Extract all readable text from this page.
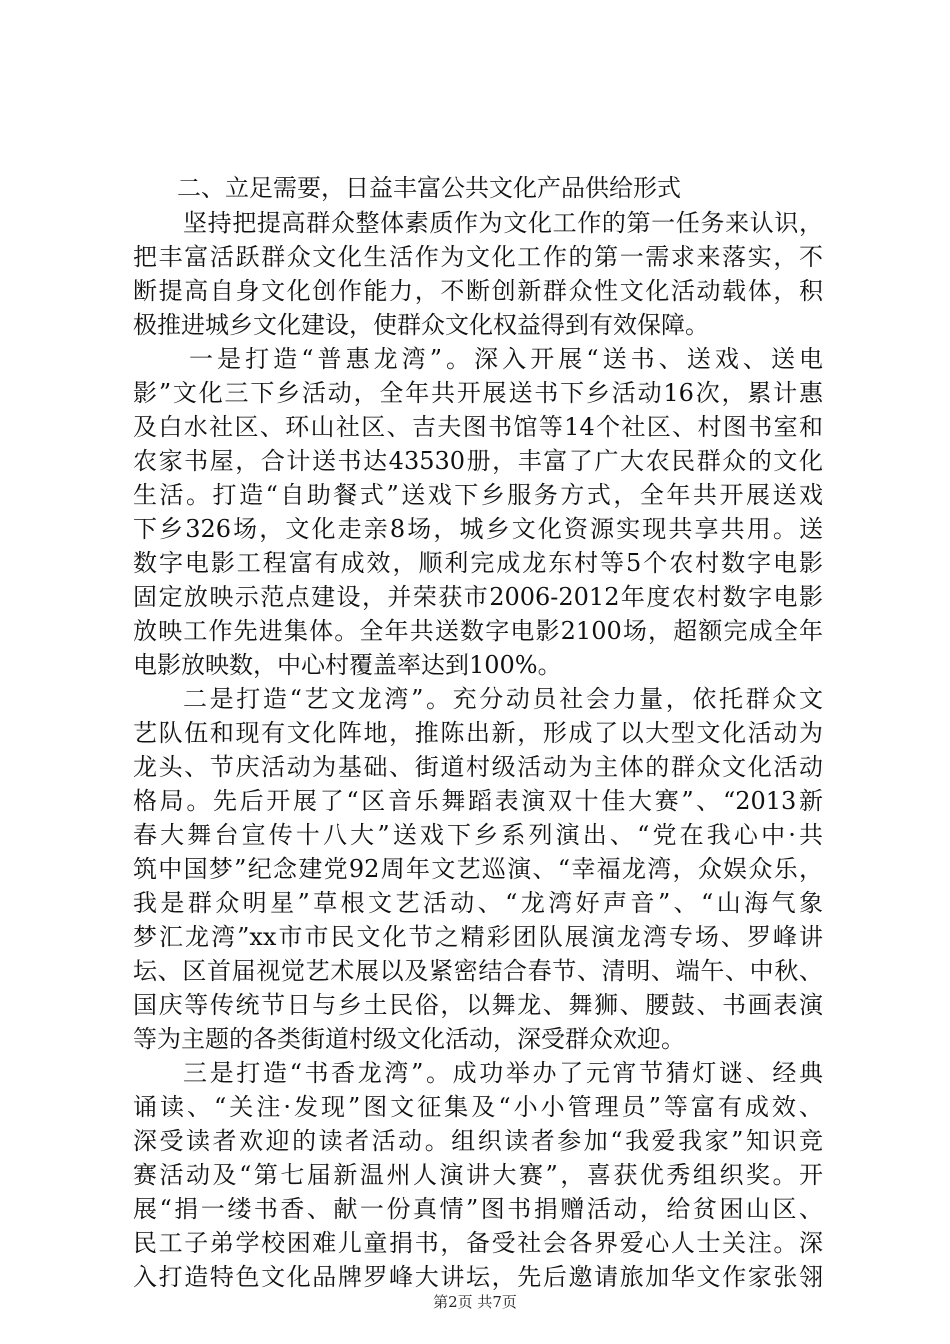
二、立足需要，日益丰富公共文化产品供给形式
坚持把提高群众整体素质作为文化工作的第一任务来认识，
把丰富活跃群众文化生活作为文化工作的第一需求来落实，不
断提高自身文化创作能力，不断创新群众性文化活动载体，积
极推进城乡文化建设，使群众文化权益得到有效保障。
一是打造“普惠龙湾”。深入开展“送书、送戏、送电
影”文化三下乡活动，全年共开展送书下乡活动16次，累计惠
及白水社区、环山社区、吉夫图书馆等14个社区、村图书室和
农家书屋，合计送书达43530册，丰富了广大农民群众的文化
生活。打造“自助餐式”送戏下乡服务方式，全年共开展送戏
下乡326场，文化走亲8场，城乡文化资源实现共享共用。送
数字电影工程富有成效，顺利完成龙东村等5个农村数字电影
固定放映示范点建设，并荣获市2006-2012年度农村数字电影
放映工作先进集体。全年共送数字电影2100场，超额完成全年
电影放映数，中心村覆盖率达到100%。
二是打造“艺文龙湾”。充分动员社会力量，依托群众文
艺队伍和现有文化阵地，推陈出新，形成了以大型文化活动为
龙头、节庆活动为基础、街道村级活动为主体的群众文化活动
格局。先后开展了“区音乐舞蹈表演双十佳大赛”、“2013新
春大舞台宣传十八大”送戏下乡系列演出、“党在我心中·共
筑中国梦”纪念建党92周年文艺巡演、“幸福龙湾，众娱众乐，
我是群众明星”草根文艺活动、“龙湾好声音”、“山海气象
梦汇龙湾”xx市市民文化节之精彩团队展演龙湾专场、罗峰讲
坛、区首届视觉艺术展以及紧密结合春节、清明、端午、中秋、
国庆等传统节日与乡土民俗，以舞龙、舞狮、腰鼓、书画表演
等为主题的各类街道村级文化活动，深受群众欢迎。
三是打造“书香龙湾”。成功举办了元宵节猜灯谜、经典
诵读、“关注·发现”图文征集及“小小管理员”等富有成效、
深受读者欢迎的读者活动。组织读者参加“我爱我家”知识竞
赛活动及“第七届新温州人演讲大赛”，喜获优秀组织奖。开
展“捐一缕书香、献一份真情”图书捐赠活动，给贫困山区、
民工子弟学校困难儿童捐书，备受社会各界爱心人士关注。深
入打造特色文化品牌罗峰大讲坛，先后邀请旅加华文作家张翎
第2页 共7页
